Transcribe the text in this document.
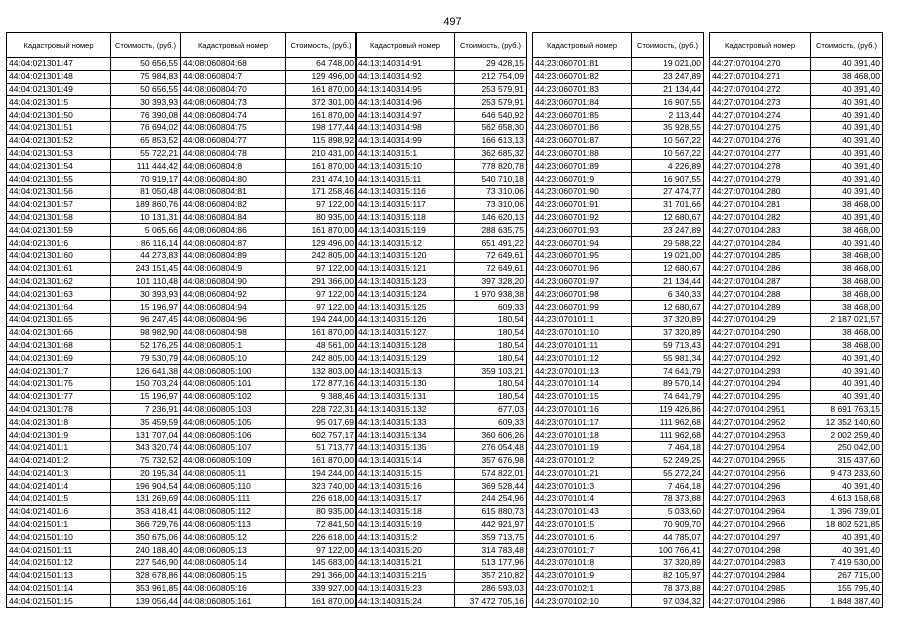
497
Кадастровый номер	Стоимость, (руб.)
44:04:021301:47	50 656,55
44:04:021301:48	75 984,83
44:04:021301:49	50 656,55
44:04:021301:5	30 393,93
44:04:021301:50	76 390,08
44:04:021301:51	76 694,02
44:04:021301:52	65 853,52
44:04:021301:53	55 722,21
44:04:021301:54	111 444,42
44:04:021301:55	70 919,17
44:04:021301:56	81 050,48
44:04:021301:57	189 860,76
44:04:021301:58	10 131,31
44:04:021301:59	5 065,66
44:04:021301:6	86 116,14
44:04:021301:60	44 273,83
44:04:021301:61	243 151,45
44:04:021301:62	101 110,48
44:04:021301:63	30 393,93
44:04:021301:64	15 196,97
44:04:021301:65	96 247,45
44:04:021301:66	98 982,90
44:04:021301:68	52 176,25
44:04:021301:69	79 530,79
44:04:021301:7	126 641,38
44:04:021301:75	150 703,24
44:04:021301:77	15 196,97
44:04:021301:78	7 236,91
44:04:021301:8	35 459,59
44:04:021301:9	131 707,04
44:04:021401:1	343 320,74
44:04:021401:2	75 732,52
44:04:021401:3	20 195,34
44:04:021401:4	196 904,54
44:04:021401:5	131 269,69
44:04:021401:6	353 418,41
44:04:021501:1	366 729,76
44:04:021501:10	350 675,06
44:04:021501:11	240 188,40
44:04:021501:12	227 546,90
44:04:021501:13	328 678,86
44:04:021501:14	353 961,85
44:04:021501:15	139 056,44
Кадастровый номер	Стоимость, (руб.)
44:08:060804:68	64 748,00
44:08:060804:7	129 496,00
44:08:060804:70	161 870,00
44:08:060804:73	372 301,00
44:08:060804:74	161 870,00
44:08:060804:75	198 177,44
44:08:060804:77	115 898,92
44:08:060804:78	210 431,00
44:08:060804:8	161 870,00
44:08:060804:80	231 474,10
44:08:060804:81	171 258,46
44:08:060804:82	97 122,00
44:08:060804:84	80 935,00
44:08:060804:86	161 870,00
44:08:060804:87	129 496,00
44:08:060804:89	242 805,00
44:08:060804:9	97 122,00
44:08:060804:90	291 366,00
44:08:060804:92	97 122,00
44:08:060804:94	97 122,00
44:08:060804:96	194 244,00
44:08:060804:98	161 870,00
44:08:060805:1	48 561,00
44:08:060805:10	242 805,00
44:08:060805:100	132 803,00
44:08:060805:101	172 877,16
44:08:060805:102	9 388,46
44:08:060805:103	228 722,31
44:08:060805:105	95 017,69
44:08:060805:106	602 757,17
44:08:060805:107	51 713,77
44:08:060805:109	161 870,00
44:08:060805:11	194 244,00
44:08:060805:110	323 740,00
44:08:060805:111	226 618,00
44:08:060805:112	80 935,00
44:08:060805:113	72 841,50
44:08:060805:12	226 618,00
44:08:060805:13	97 122,00
44:08:060805:14	145 683,00
44:08:060805:15	291 366,00
44:08:060805:16	339 927,00
44:08:060805:161	161 870,00
Кадастровый номер	Стоимость, (руб.)
44:13:140314:91	29 428,15
44:13:140314:92	212 754,09
44:13:140314:95	253 579,91
44:13:140314:96	253 579,91
44:13:140314:97	646 540,92
44:13:140314:98	562 658,30
44:13:140314:99	166 613,13
44:13:140315:1	362 685,32
44:13:140315:10	778 820,78
44:13:140315:11	540 710,18
44:13:140315:116	73 310,06
44:13:140315:117	73 310,06
44:13:140315:118	146 620,13
44:13:140315:119	288 635,75
44:13:140315:12	651 491,22
44:13:140315:120	72 649,61
44:13:140315:121	72 649,61
44:13:140315:123	397 328,20
44:13:140315:124	1 970 938,38
44:13:140315:125	609,33
44:13:140315:126	180,54
44:13:140315:127	180,54
44:13:140315:128	180,54
44:13:140315:129	180,54
44:13:140315:13	359 103,21
44:13:140315:130	180,54
44:13:140315:131	180,54
44:13:140315:132	677,03
44:13:140315:133	609,33
44:13:140315:134	360 606,26
44:13:140315:135	276 054,48
44:13:140315:14	357 676,98
44:13:140315:15	574 822,01
44:13:140315:16	369 528,44
44:13:140315:17	244 254,96
44:13:140315:18	615 880,73
44:13:140315:19	442 921,97
44:13:140315:2	359 713,75
44:13:140315:20	314 783,48
44:13:140315:21	513 177,96
44:13:140315:215	357 210,82
44:13:140315:23	286 593,03
44:13:140315:24	37 472 705,16
Кадастровый номер	Стоимость, (руб.)
44:23:060701:81	19 021,00
44:23:060701:82	23 247,89
44:23:060701:83	21 134,44
44:23:060701:84	16 907,55
44:23:060701:85	2 113,44
44:23:060701:86	35 928,55
44:23:060701:87	10 567,22
44:23:060701:88	10 567,22
44:23:060701:89	4 226,89
44:23:060701:9	16 907,55
44:23:060701:90	27 474,77
44:23:060701:91	31 701,66
44:23:060701:92	12 680,67
44:23:060701:93	23 247,89
44:23:060701:94	29 588,22
44:23:060701:95	19 021,00
44:23:060701:96	12 680,67
44:23:060701:97	21 134,44
44:23:060701:98	6 340,33
44:23:060701:99	12 680,67
44:23:070101:1	37 320,89
44:23:070101:10	37 320,89
44:23:070101:11	59 713,43
44:23:070101:12	55 981,34
44:23:070101:13	74 641,79
44:23:070101:14	89 570,14
44:23:070101:15	74 641,79
44:23:070101:16	119 426,86
44:23:070101:17	111 962,68
44:23:070101:18	111 962,68
44:23:070101:19	7 464,18
44:23:070101:2	52 249,25
44:23:070101:21	55 272,24
44:23:070101:3	7 464,18
44:23:070101:4	78 373,88
44:23:070101:43	5 033,60
44:23:070101:5	70 909,70
44:23:070101:6	44 785,07
44:23:070101:7	100 766,41
44:23:070101:8	37 320,89
44:23:070101:9	82 105,97
44:23:070102:1	78 373,88
44:23:070102:10	97 034,32
Кадастровый номер	Стоимость, (руб.)
44:27:070104:270	40 391,40
44:27:070104:271	38 468,00
44:27:070104:272	40 391,40
44:27:070104:273	40 391,40
44:27:070104:274	40 391,40
44:27:070104:275	40 391,40
44:27:070104:276	40 391,40
44:27:070104:277	40 391,40
44:27:070104:278	40 391,40
44:27:070104:279	40 391,40
44:27:070104:280	40 391,40
44:27:070104:281	38 468,00
44:27:070104:282	40 391,40
44:27:070104:283	38 468,00
44:27:070104:284	40 391,40
44:27:070104:285	38 468,00
44:27:070104:286	38 468,00
44:27:070104:287	38 468,00
44:27:070104:288	38 468,00
44:27:070104:289	38 468,00
44:27:070104:29	2 187 021,57
44:27:070104:290	38 468,00
44:27:070104:291	38 468,00
44:27:070104:292	40 391,40
44:27:070104:293	40 391,40
44:27:070104:294	40 391,40
44:27:070104:295	40 391,40
44:27:070104:2951	8 691 763,15
44:27:070104:2952	12 352 140,60
44:27:070104:2953	2 002 259,40
44:27:070104:2954	250 042,00
44:27:070104:2955	315 437,60
44:27:070104:2956	9 473 233,60
44:27:070104:296	40 391,40
44:27:070104:2963	4 613 158,68
44:27:070104:2964	1 396 739,01
44:27:070104:2966	18 802 521,85
44:27:070104:297	40 391,40
44:27:070104:298	40 391,40
44:27:070104:2983	7 419 530,00
44:27:070104:2984	267 715,00
44:27:070104:2985	155 795,40
44:27:070104:2986	1 848 387,40
